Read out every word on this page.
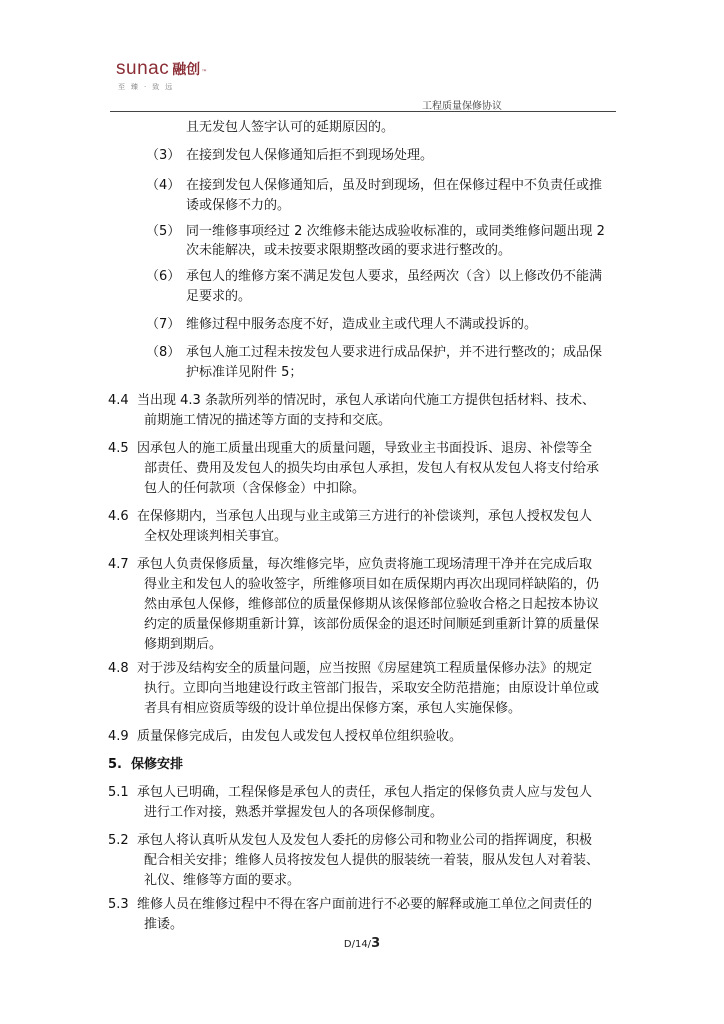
sunac 融创 ™
至臻·致远
工程质量保修协议
且无发包人签字认可的延期原因的。
（3） 在接到发包人保修通知后拒不到现场处理。
（4） 在接到发包人保修通知后，虽及时到现场，但在保修过程中不负责任或推
诿或保修不力的。
（5） 同一维修事项经过 2 次维修未能达成验收标准的，或同类维修问题出现 2
次未能解决，或未按要求限期整改函的要求进行整改的。
（6） 承包人的维修方案不满足发包人要求，虽经两次（含）以上修改仍不能满
足要求的。
（7） 维修过程中服务态度不好，造成业主或代理人不满或投诉的。
（8） 承包人施工过程未按发包人要求进行成品保护，并不进行整改的；成品保
护标准详见附件 5；
4.4 当出现 4.3 条款所列举的情况时，承包人承诺向代施工方提供包括材料、技术、
前期施工情况的描述等方面的支持和交底。
4.5 因承包人的施工质量出现重大的质量问题，导致业主书面投诉、退房、补偿等全
部责任、费用及发包人的损失均由承包人承担，发包人有权从发包人将支付给承
包人的任何款项（含保修金）中扣除。
4.6 在保修期内，当承包人出现与业主或第三方进行的补偿谈判，承包人授权发包人
全权处理谈判相关事宜。
4.7 承包人负责保修质量，每次维修完毕，应负责将施工现场清理干净并在完成后取
得业主和发包人的验收签字，所维修项目如在质保期内再次出现同样缺陷的，仍
然由承包人保修，维修部位的质量保修期从该保修部位验收合格之日起按本协议
约定的质量保修期重新计算，该部份质保金的退还时间顺延到重新计算的质量保
修期到期后。
4.8 对于涉及结构安全的质量问题，应当按照《房屋建筑工程质量保修办法》的规定
执行。立即向当地建设行政主管部门报告，采取安全防范措施；由原设计单位或
者具有相应资质等级的设计单位提出保修方案，承包人实施保修。
4.9 质量保修完成后，由发包人或发包人授权单位组织验收。
5. 保修安排
5.1 承包人已明确，工程保修是承包人的责任，承包人指定的保修负责人应与发包人
进行工作对接，熟悉并掌握发包人的各项保修制度。
5.2 承包人将认真听从发包人及发包人委托的房修公司和物业公司的指挥调度，积极
配合相关安排；维修人员将按发包人提供的服装统一着装，服从发包人对着装、
礼仪、维修等方面的要求。
5.3 维修人员在维修过程中不得在客户面前进行不必要的解释或施工单位之间责任的
推诿。
D/14/3
